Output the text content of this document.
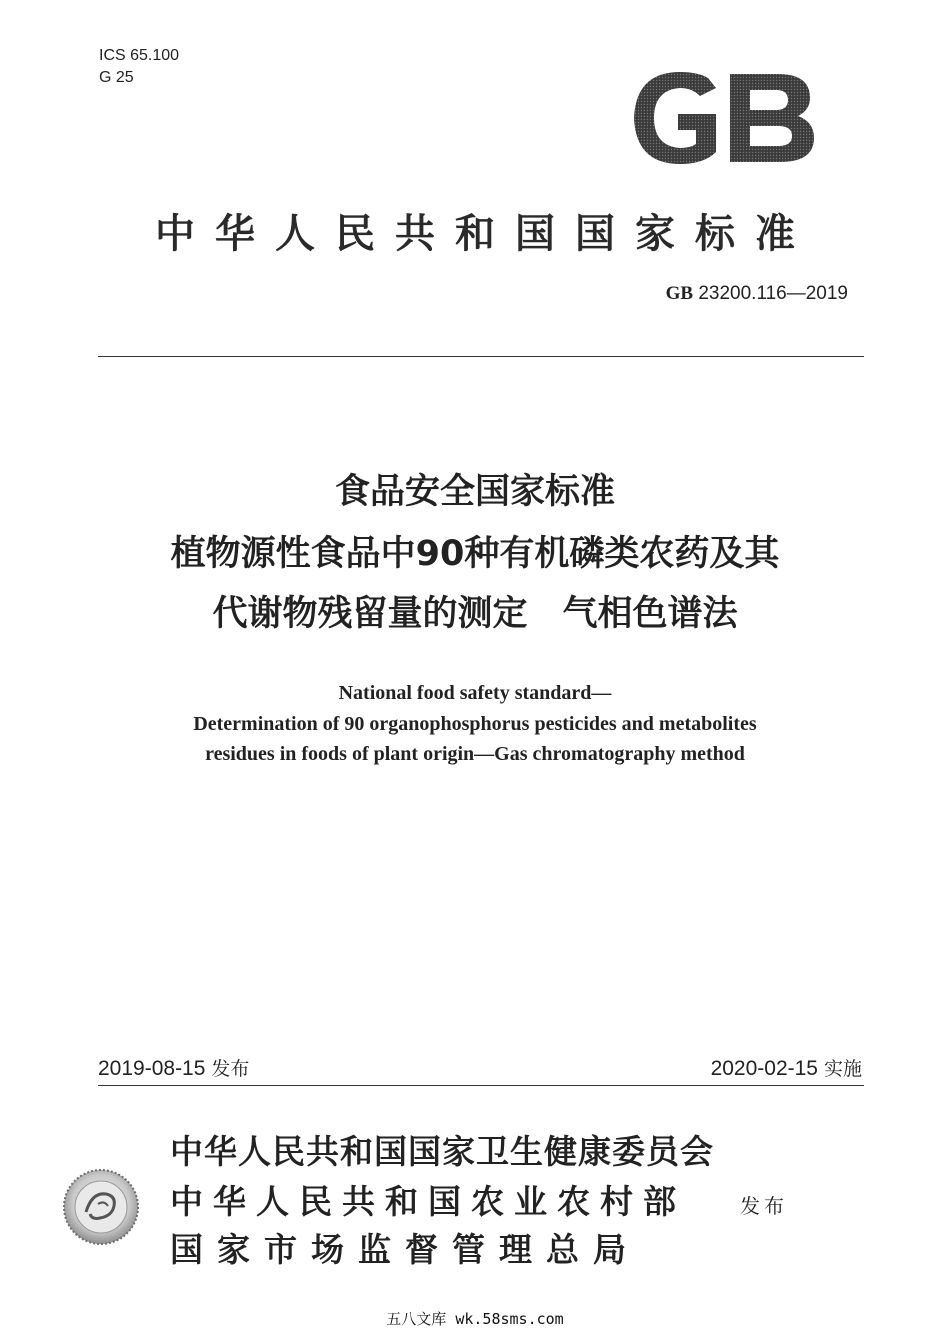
ICS 65.100
G 25
中华人民共和国国家标准
GB 23200.116—2019
食品安全国家标准
植物源性食品中90种有机磷类农药及其
代谢物残留量的测定　气相色谱法
National food safety standard—
Determination of 90 organophosphorus pesticides and metabolites
residues in foods of plant origin—Gas chromatography method
2019-08-15 发布	2020-02-15 实施
中华人民共和国国家卫生健康委员会
中华人民共和国农业农村部
国家市场监督管理总局
发布
五八文库 wk.58sms.com
